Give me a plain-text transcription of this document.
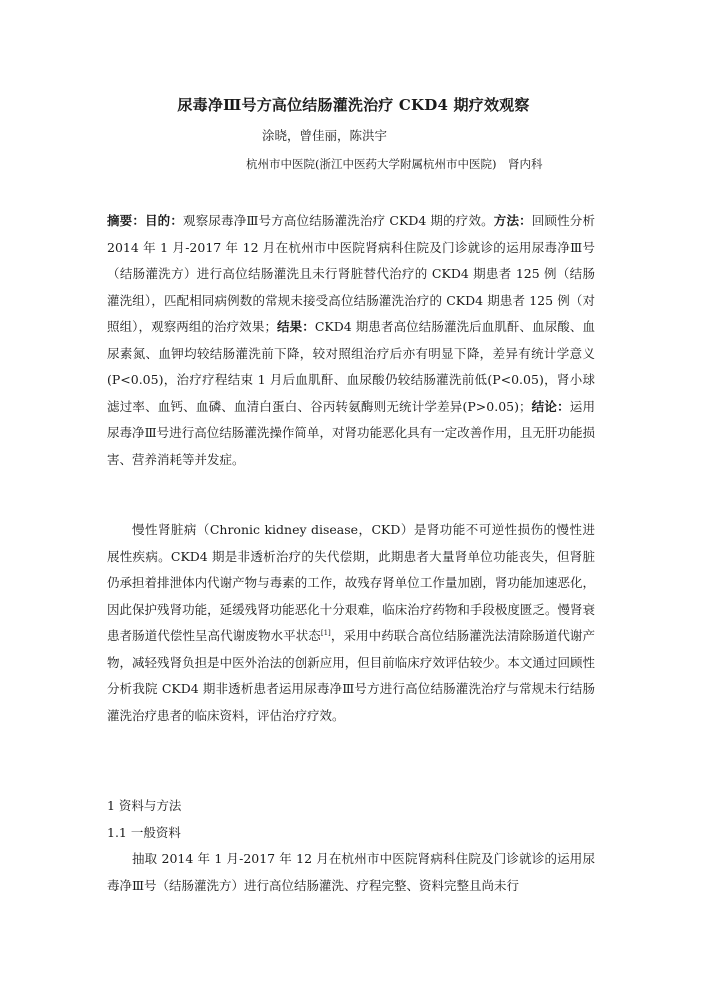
尿毒净Ⅲ号方高位结肠灌洗治疗 CKD4 期疗效观察

涂晓，曾佳丽，陈洪宇

杭州市中医院(浙江中医药大学附属杭州市中医院)　肾内科

摘要：目的：观察尿毒净Ⅲ号方高位结肠灌洗治疗 CKD4 期的疗效。方法：回顾性分析 2014 年 1 月-2017 年 12 月在杭州市中医院肾病科住院及门诊就诊的运用尿毒净Ⅲ号（结肠灌洗方）进行高位结肠灌洗且未行肾脏替代治疗的 CKD4 期患者 125 例（结肠灌洗组），匹配相同病例数的常规未接受高位结肠灌洗治疗的 CKD4 期患者 125 例（对照组），观察两组的治疗效果；结果：CKD4 期患者高位结肠灌洗后血肌酐、血尿酸、血尿素氮、血钾均较结肠灌洗前下降，较对照组治疗后亦有明显下降，差异有统计学意义(P<0.05)，治疗疗程结束 1 月后血肌酐、血尿酸仍较结肠灌洗前低(P<0.05)，肾小球滤过率、血钙、血磷、血清白蛋白、谷丙转氨酶则无统计学差异(P>0.05)；结论：运用尿毒净Ⅲ号进行高位结肠灌洗操作简单，对肾功能恶化具有一定改善作用，且无肝功能损害、营养消耗等并发症。

慢性肾脏病（Chronic kidney disease，CKD）是肾功能不可逆性损伤的慢性进展性疾病。CKD4 期是非透析治疗的失代偿期，此期患者大量肾单位功能丧失，但肾脏仍承担着排泄体内代谢产物与毒素的工作，故残存肾单位工作量加剧，肾功能加速恶化，因此保护残肾功能，延缓残肾功能恶化十分艰难，临床治疗药物和手段极度匮乏。慢肾衰患者肠道代偿性呈高代谢废物水平状态[1]，采用中药联合高位结肠灌洗法清除肠道代谢产物，减轻残肾负担是中医外治法的创新应用，但目前临床疗效评估较少。本文通过回顾性分析我院 CKD4 期非透析患者运用尿毒净Ⅲ号方进行高位结肠灌洗治疗与常规未行结肠灌洗治疗患者的临床资料，评估治疗疗效。

1 资料与方法

1.1 一般资料

抽取 2014 年 1 月-2017 年 12 月在杭州市中医院肾病科住院及门诊就诊的运用尿毒净Ⅲ号（结肠灌洗方）进行高位结肠灌洗、疗程完整、资料完整且尚未行
